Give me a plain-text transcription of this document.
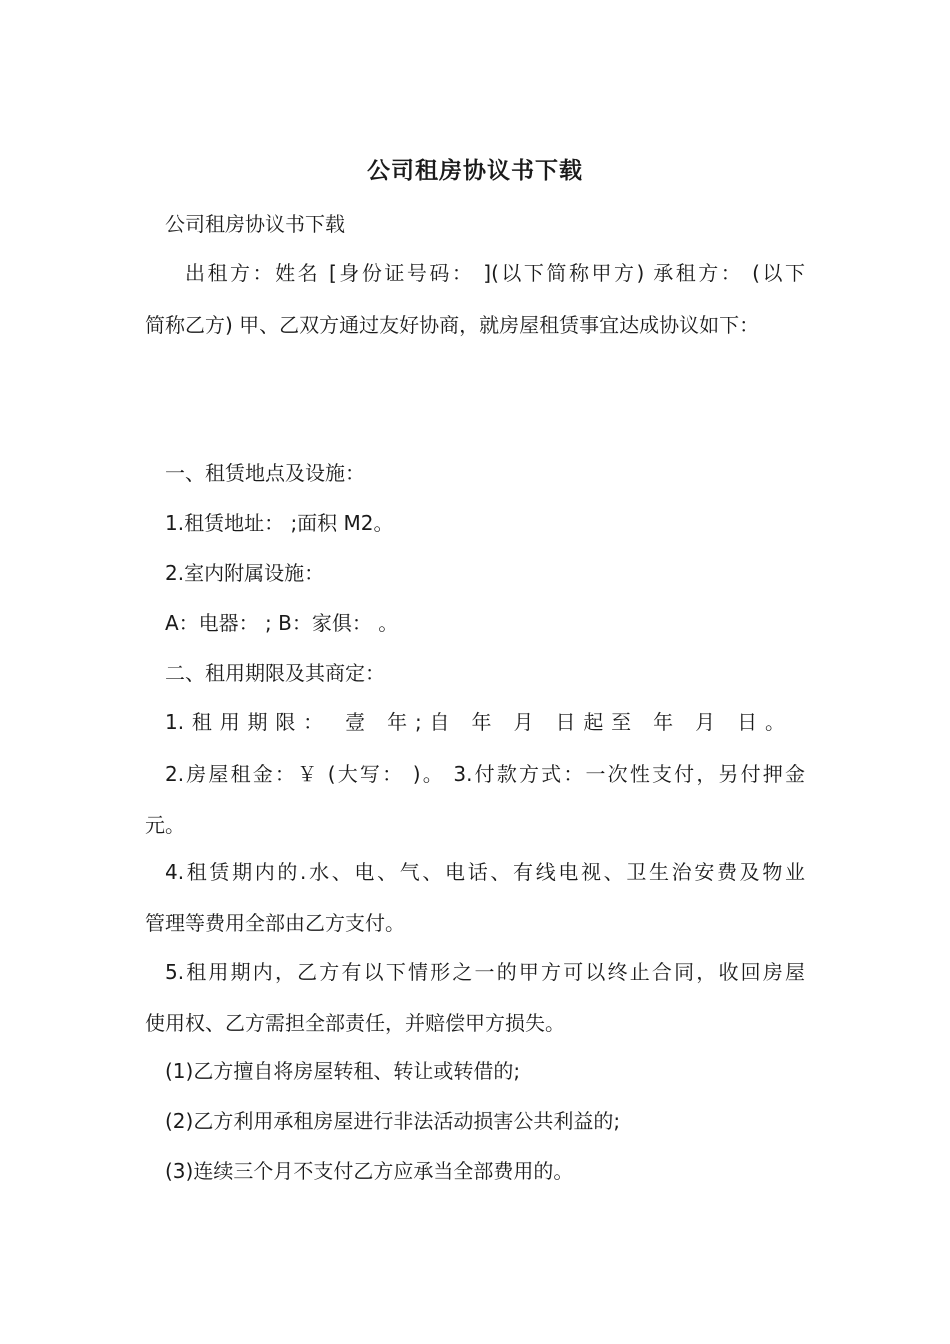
公司租房协议书下载
公司租房协议书下载
出租方：姓名 [身份证号码： ](以下简称甲方) 承租方： (以下
简称乙方) 甲、乙双方通过友好协商，就房屋租赁事宜达成协议如下：
一、租赁地点及设施：
1.租赁地址： ;面积 M2。
2.室内附属设施：
A：电器： ; B：家俱： 。
二、租用期限及其商定：
1.租用期限： 壹 年;自 年 月 日起至 年 月 日。
2.房屋租金：￥ (大写： )。 3.付款方式：一次性支付，另付押金
元。
4.租赁期内的.水、电、气、电话、有线电视、卫生治安费及物业
管理等费用全部由乙方支付。
5.租用期内，乙方有以下情形之一的甲方可以终止合同，收回房屋
使用权、乙方需担全部责任，并赔偿甲方损失。
(1)乙方擅自将房屋转租、转让或转借的;
(2)乙方利用承租房屋进行非法活动损害公共利益的;
(3)连续三个月不支付乙方应承当全部费用的。
